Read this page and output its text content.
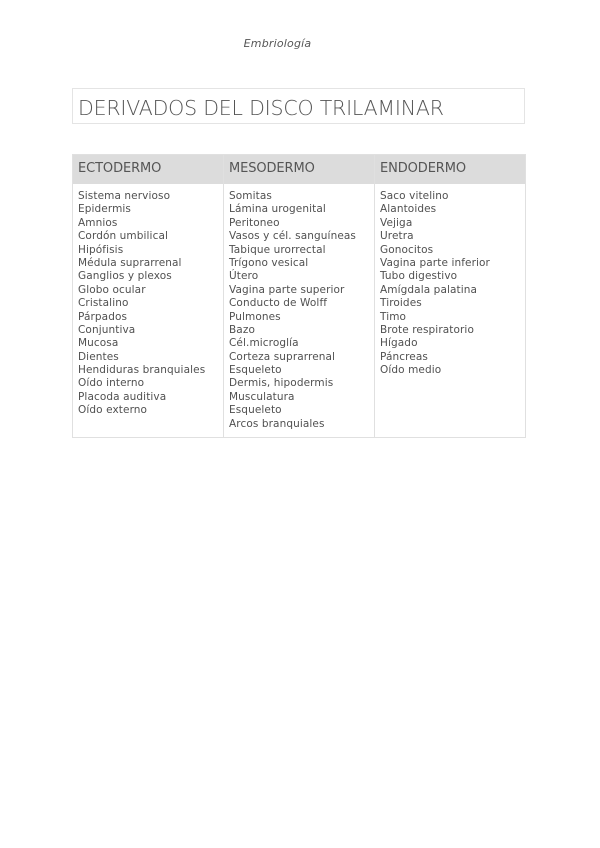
Embriología
DERIVADOS DEL DISCO TRILAMINAR
ECTODERMO
Sistema nervioso
Epidermis
Amnios
Cordón umbilical
Hipófisis
Médula suprarrenal
Ganglios y plexos
Globo ocular
Cristalino
Párpados
Conjuntiva
Mucosa
Dientes
Hendiduras branquiales
Oído interno
Placoda auditiva
Oído externo
MESODERMO
Somitas
Lámina urogenital
Peritoneo
Vasos y cél. sanguíneas
Tabique urorrectal
Trígono vesical
Útero
Vagina parte superior
Conducto de Wolff
Pulmones
Bazo
Cél.microglía
Corteza suprarrenal
Esqueleto
Dermis, hipodermis
Musculatura
Esqueleto
Arcos branquiales
ENDODERMO
Saco vitelino
Alantoides
Vejiga
Uretra
Gonocitos
Vagina parte inferior
Tubo digestivo
Amígdala palatina
Tiroides
Timo
Brote respiratorio
Hígado
Páncreas
Oído medio
